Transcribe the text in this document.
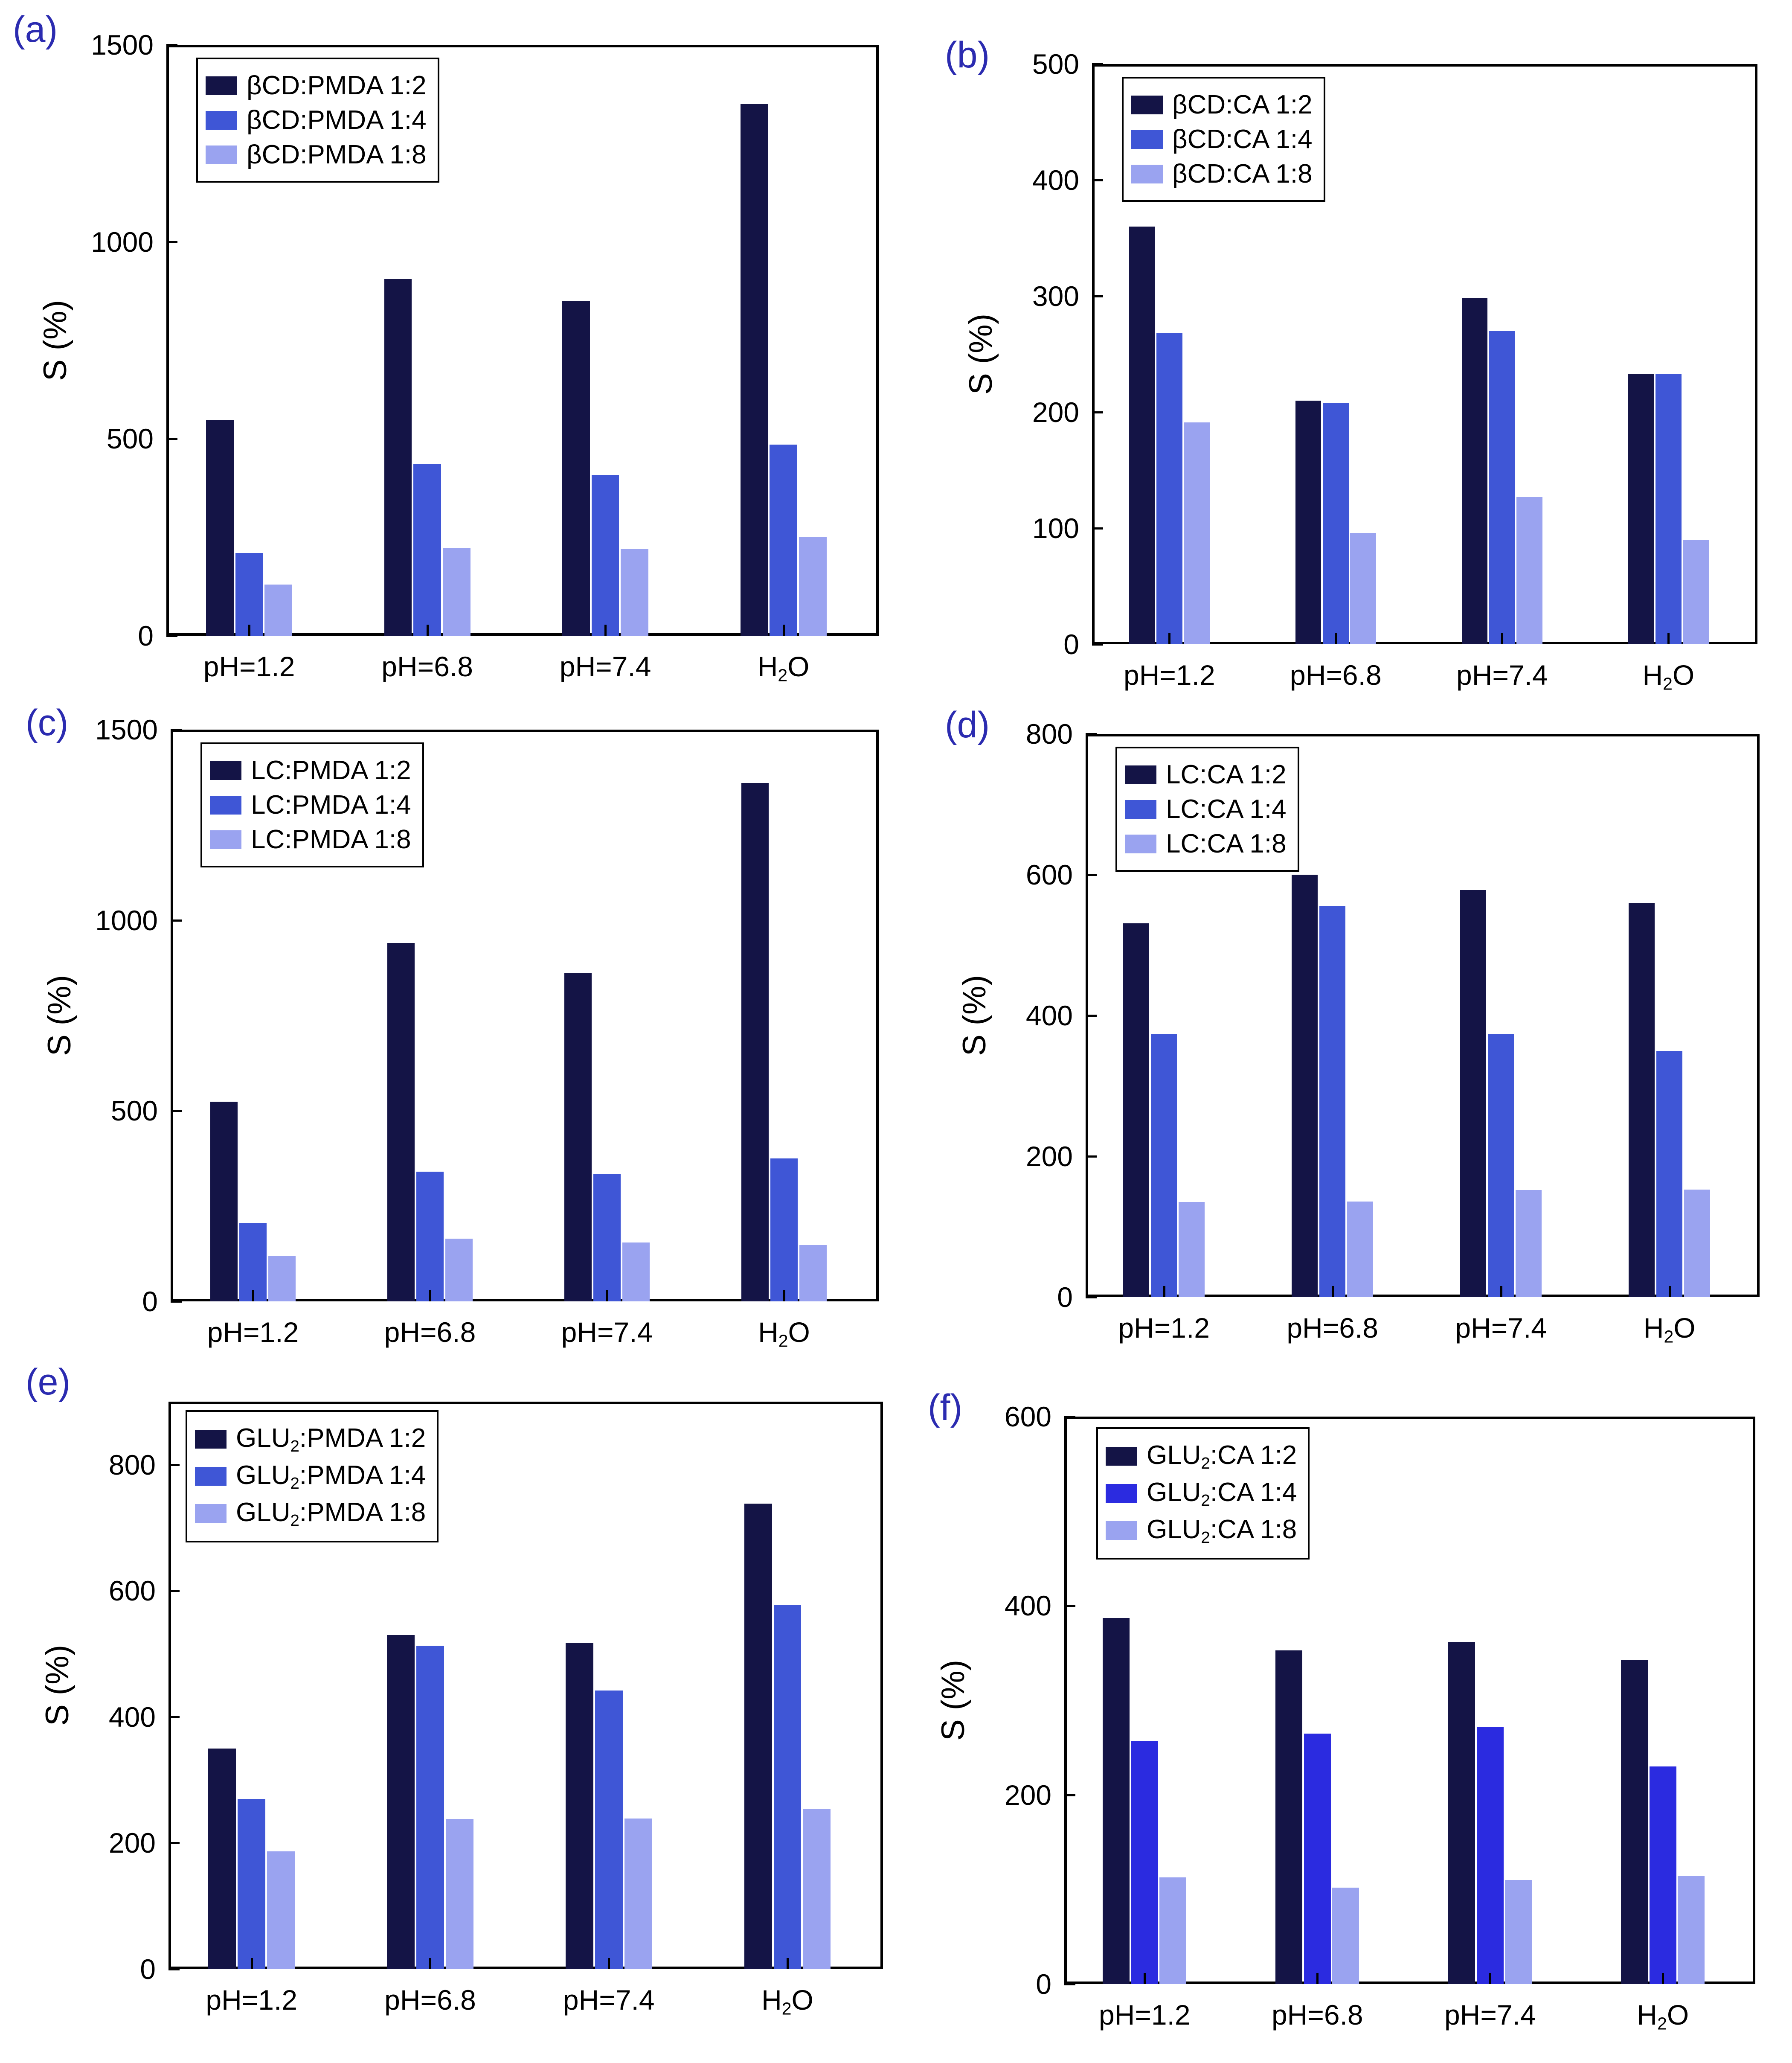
(a)
0
500
1000
1500
S (%)
pH=1.2	pH=6.8	pH=7.4	$H_2O$
βCD:PMDA 1:2
βCD:PMDA 1:4
βCD:PMDA 1:8
(b)
0
100
200
300
400
500
S (%)
pH=1.2	pH=6.8	pH=7.4	$H_2O$
βCD:CA 1:2
βCD:CA 1:4
βCD:CA 1:8
(c)
0
500
1000
1500
S (%)
pH=1.2	pH=6.8	pH=7.4	$H_2O$
LC:PMDA 1:2
LC:PMDA 1:4
LC:PMDA 1:8
(d)
0
200
400
600
800
S (%)
pH=1.2	pH=6.8	pH=7.4	$H_2O$
LC:CA 1:2
LC:CA 1:4
LC:CA 1:8
(e)
0
200
400
600
800
S (%)
pH=1.2	pH=6.8	pH=7.4	$H_2O$
$GLU_2:PMDA$ 1:2
$GLU_2:PMDA$ 1:4
$GLU_2:PMDA$ 1:8
(f)
0
200
400
600
S (%)
pH=1.2	pH=6.8	pH=7.4	$H_2O$
$GLU_2:CA$ 1:2
$GLU_2:CA$ 1:4
$GLU_2:CA$ 1:8
